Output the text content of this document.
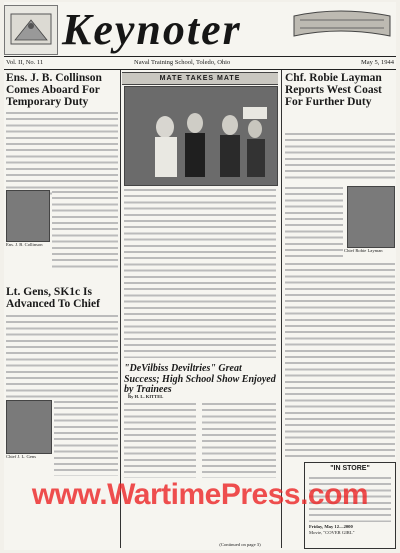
Keynoter
Vol. II, No. 11	Naval Training School, Toledo, Ohio	May 5, 1944
Ens. J. B. Collinson Comes Aboard For Temporary Duty
Ens. J. B. Collinson
Lt. Gens, SK1c Is Advanced To Chief
Chief J. L. Gens
MATE TAKES MATE
"DeVilbiss Deviltries" Great Success; High School Show Enjoyed by Trainees
By H. L. KITTEL
(Continued on page 3)
Chf. Robie Layman Reports West Coast For Further Duty
Chief Robie Layman
"IN STORE"
Friday, May 12—2000
Movie, "COVER GIRL"
www.WartimePress.com
